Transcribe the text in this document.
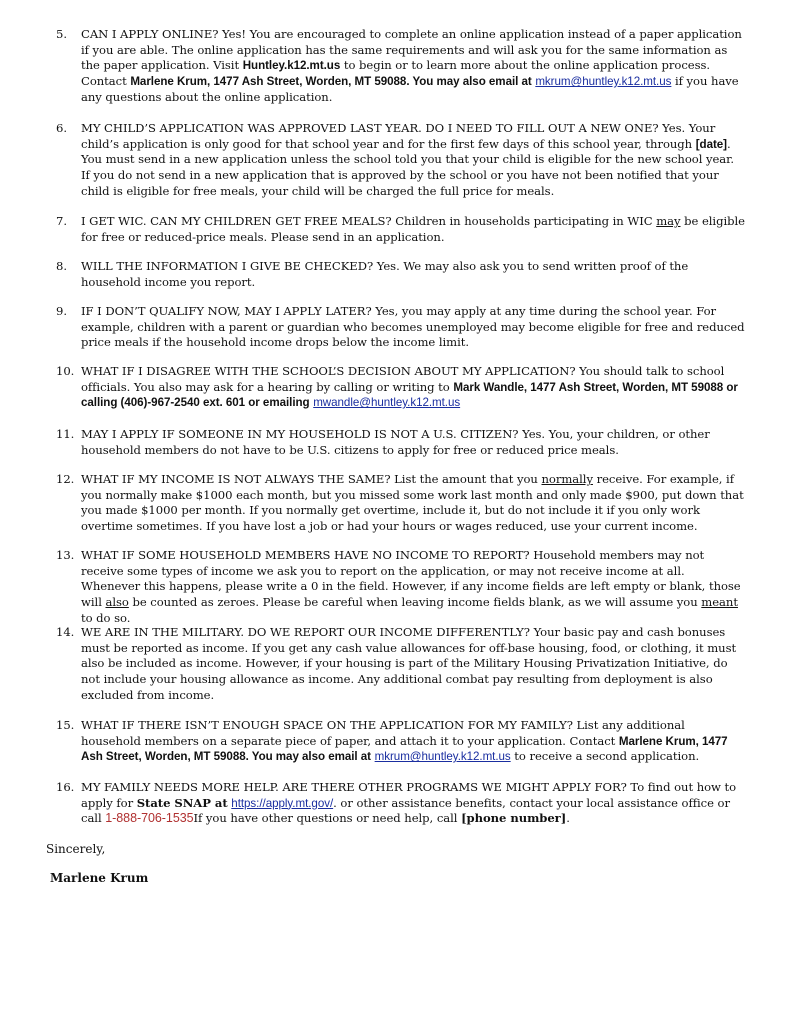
5. CAN I APPLY ONLINE? Yes! You are encouraged to complete an online application instead of a paper application if you are able. The online application has the same requirements and will ask you for the same information as the paper application. Visit Huntley.k12.mt.us to begin or to learn more about the online application process. Contact Marlene Krum, 1477 Ash Street, Worden, MT 59088. You may also email at mkrum@huntley.k12.mt.us if you have any questions about the online application.
6. MY CHILD’S APPLICATION WAS APPROVED LAST YEAR. DO I NEED TO FILL OUT A NEW ONE? Yes. Your child’s application is only good for that school year and for the first few days of this school year, through [date]. You must send in a new application unless the school told you that your child is eligible for the new school year. If you do not send in a new application that is approved by the school or you have not been notified that your child is eligible for free meals, your child will be charged the full price for meals.
7. I GET WIC. CAN MY CHILDREN GET FREE MEALS? Children in households participating in WIC may be eligible for free or reduced-price meals. Please send in an application.
8. WILL THE INFORMATION I GIVE BE CHECKED? Yes. We may also ask you to send written proof of the household income you report.
9. IF I DON’T QUALIFY NOW, MAY I APPLY LATER? Yes, you may apply at any time during the school year. For example, children with a parent or guardian who becomes unemployed may become eligible for free and reduced price meals if the household income drops below the income limit.
10. WHAT IF I DISAGREE WITH THE SCHOOL’S DECISION ABOUT MY APPLICATION? You should talk to school officials. You also may ask for a hearing by calling or writing to Mark Wandle, 1477 Ash Street, Worden, MT 59088 or calling (406)-967-2540 ext. 601 or emailing mwandle@huntley.k12.mt.us
11. MAY I APPLY IF SOMEONE IN MY HOUSEHOLD IS NOT A U.S. CITIZEN? Yes. You, your children, or other household members do not have to be U.S. citizens to apply for free or reduced price meals.
12. WHAT IF MY INCOME IS NOT ALWAYS THE SAME? List the amount that you normally receive. For example, if you normally make $1000 each month, but you missed some work last month and only made $900, put down that you made $1000 per month. If you normally get overtime, include it, but do not include it if you only work overtime sometimes. If you have lost a job or had your hours or wages reduced, use your current income.
13. WHAT IF SOME HOUSEHOLD MEMBERS HAVE NO INCOME TO REPORT? Household members may not receive some types of income we ask you to report on the application, or may not receive income at all. Whenever this happens, please write a 0 in the field. However, if any income fields are left empty or blank, those will also be counted as zeroes. Please be careful when leaving income fields blank, as we will assume you meant to do so.
14. WE ARE IN THE MILITARY. DO WE REPORT OUR INCOME DIFFERENTLY? Your basic pay and cash bonuses must be reported as income. If you get any cash value allowances for off-base housing, food, or clothing, it must also be included as income. However, if your housing is part of the Military Housing Privatization Initiative, do not include your housing allowance as income. Any additional combat pay resulting from deployment is also excluded from income.
15. WHAT IF THERE ISN’T ENOUGH SPACE ON THE APPLICATION FOR MY FAMILY? List any additional household members on a separate piece of paper, and attach it to your application. Contact Marlene Krum, 1477 Ash Street, Worden, MT 59088. You may also email at mkrum@huntley.k12.mt.us to receive a second application.
16. MY FAMILY NEEDS MORE HELP. ARE THERE OTHER PROGRAMS WE MIGHT APPLY FOR? To find out how to apply for State SNAP at https://apply.mt.gov/. or other assistance benefits, contact your local assistance office or call 1-888-706-1535If you have other questions or need help, call [phone number].
Sincerely,
Marlene Krum
